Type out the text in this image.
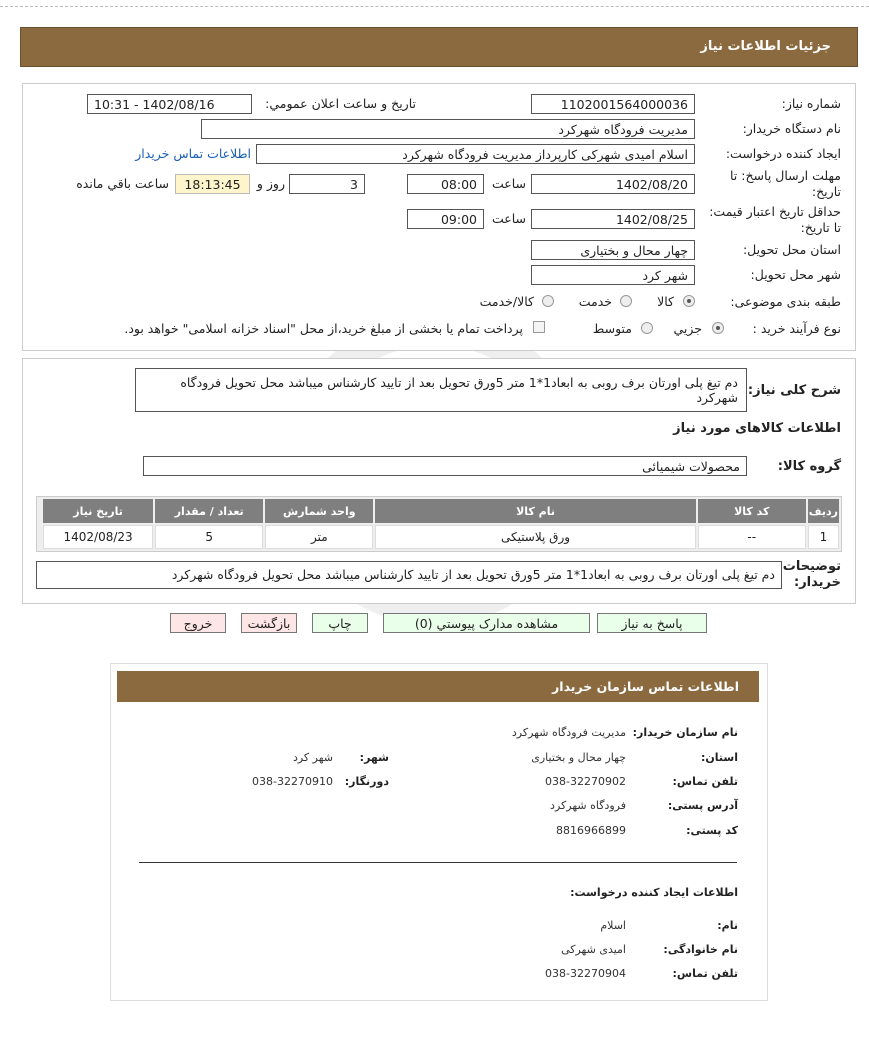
جزئیات اطلاعات نیاز
شماره نیاز:
1102001564000036
تاریخ و ساعت اعلان عمومي:
1402/08/16 - 10:31
نام دستگاه خریدار:
مدیریت فرودگاه شهرکرد
ایجاد کننده درخواست:
اسلام امیدی شهرکی کارپرداز مدیریت فرودگاه شهرکرد
اطلاعات تماس خریدار
مهلت ارسال پاسخ: تا
تاریخ:
1402/08/20
ساعت
08:00
3
روز و
18:13:45
ساعت باقي مانده
حداقل تاریخ اعتبار قیمت:
تا تاریخ:
1402/08/25
ساعت
09:00
استان محل تحویل:
چهار محال و بختیاری
شهر محل تحویل:
شهر کرد
طبقه بندی موضوعی:
کالا
خدمت
کالا/خدمت
نوع فرآیند خرید :
جزیي
متوسط
پرداخت تمام یا بخشی از مبلغ خرید،از محل "اسناد خزانه اسلامی" خواهد بود.
شرح کلی نیاز:
دم تیغ پلی اورتان برف روبی به ابعاد1*1 متر 5ورق تحویل بعد از تایید کارشناس میباشد محل تحویل فرودگاه شهرکرد
اطلاعات کالاهای مورد نیاز
گروه کالا:
محصولات شیمیائی
ردیف	کد کالا	نام کالا	واحد شمارش	تعداد / مقدار	تاریخ نیاز
1	--	ورق پلاستیکی	متر	5	1402/08/23
توضیحات
خریدار:
دم تیغ پلی اورتان برف روبی به ابعاد1*1 متر 5ورق تحویل بعد از تایید کارشناس میباشد محل تحویل فرودگاه شهرکرد
پاسخ به نیاز
مشاهده مدارک پیوستي (0)
چاپ
بازگشت
خروج
اطلاعات تماس سازمان خریدار
نام سازمان خریدار:
مدیریت فرودگاه شهرکرد
استان:
چهار محال و بختیاری
شهر:
شهر کرد
تلفن تماس:
038-32270902
دورنگار:
038-32270910
آدرس پستی:
فرودگاه شهرکرد
کد پستی:
8816966899
اطلاعات ایجاد کننده درخواست:
نام:
اسلام
نام خانوادگی:
امیدی شهرکی
تلفن تماس:
038-32270904
